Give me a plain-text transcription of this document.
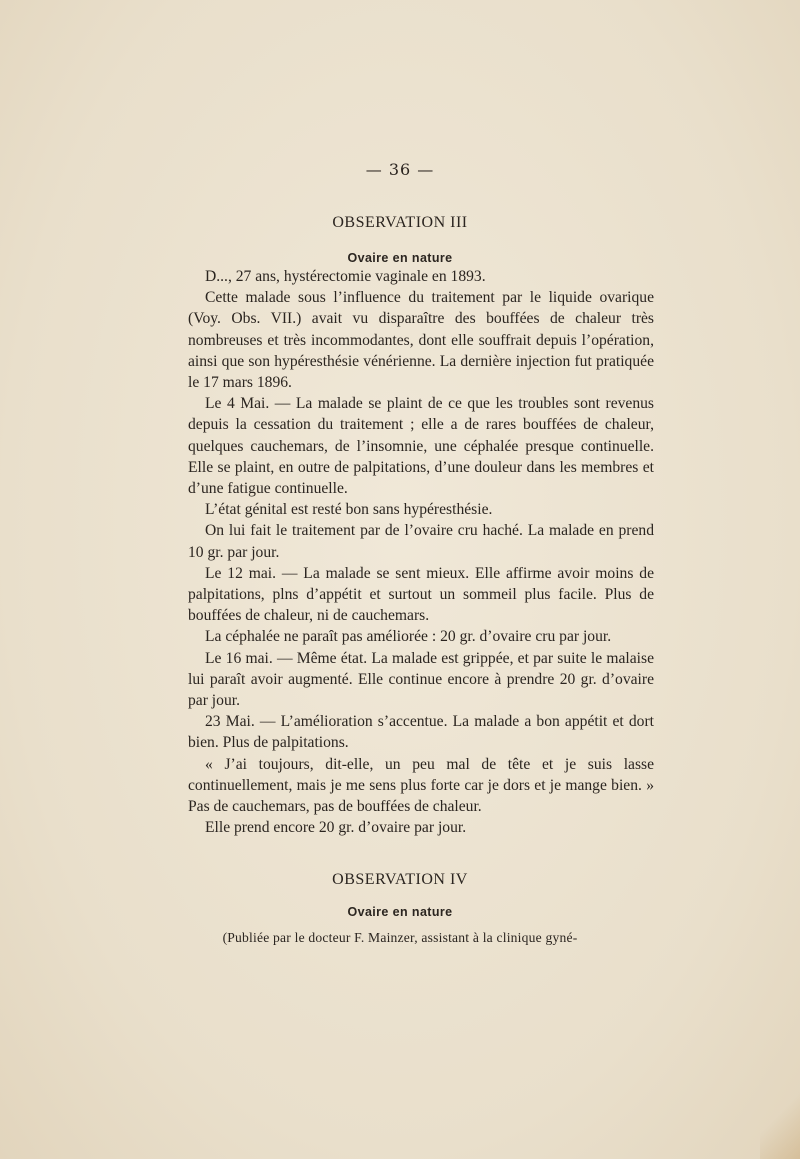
— 36 —
OBSERVATION III
Ovaire en nature

D..., 27 ans, hystérectomie vaginale en 1893.

Cette malade sous l’influence du traitement par le liquide ovarique (Voy. Obs. VII.) avait vu disparaître des bouffées de chaleur très nombreuses et très incommodantes, dont elle souffrait depuis l’opération, ainsi que son hypéresthésie vénérienne. La dernière injection fut pratiquée le 17 mars 1896.

Le 4 Mai. — La malade se plaint de ce que les troubles sont revenus depuis la cessation du traitement ; elle a de rares bouffées de chaleur, quelques cauchemars, de l’insomnie, une céphalée presque continuelle. Elle se plaint, en outre de palpitations, d’une douleur dans les membres et d’une fatigue continuelle.

L’état génital est resté bon sans hypéresthésie.

On lui fait le traitement par de l’ovaire cru haché. La malade en prend 10 gr. par jour.

Le 12 mai. — La malade se sent mieux. Elle affirme avoir moins de palpitations, plns d’appétit et surtout un sommeil plus facile. Plus de bouffées de chaleur, ni de cauchemars.

La céphalée ne paraît pas améliorée : 20 gr. d’ovaire cru par jour.

Le 16 mai. — Même état. La malade est grippée, et par suite le malaise lui paraît avoir augmenté. Elle continue encore à prendre 20 gr. d’ovaire par jour.

23 Mai. — L’amélioration s’accentue. La malade a bon appétit et dort bien. Plus de palpitations.

« J’ai toujours, dit-elle, un peu mal de tête et je suis lasse continuellement, mais je me sens plus forte car je dors et je mange bien. » Pas de cauchemars, pas de bouffées de chaleur.

Elle prend encore 20 gr. d’ovaire par jour.

OBSERVATION IV
Ovaire en nature
(Publiée par le docteur F. Mainzer, assistant à la clinique gyné-
